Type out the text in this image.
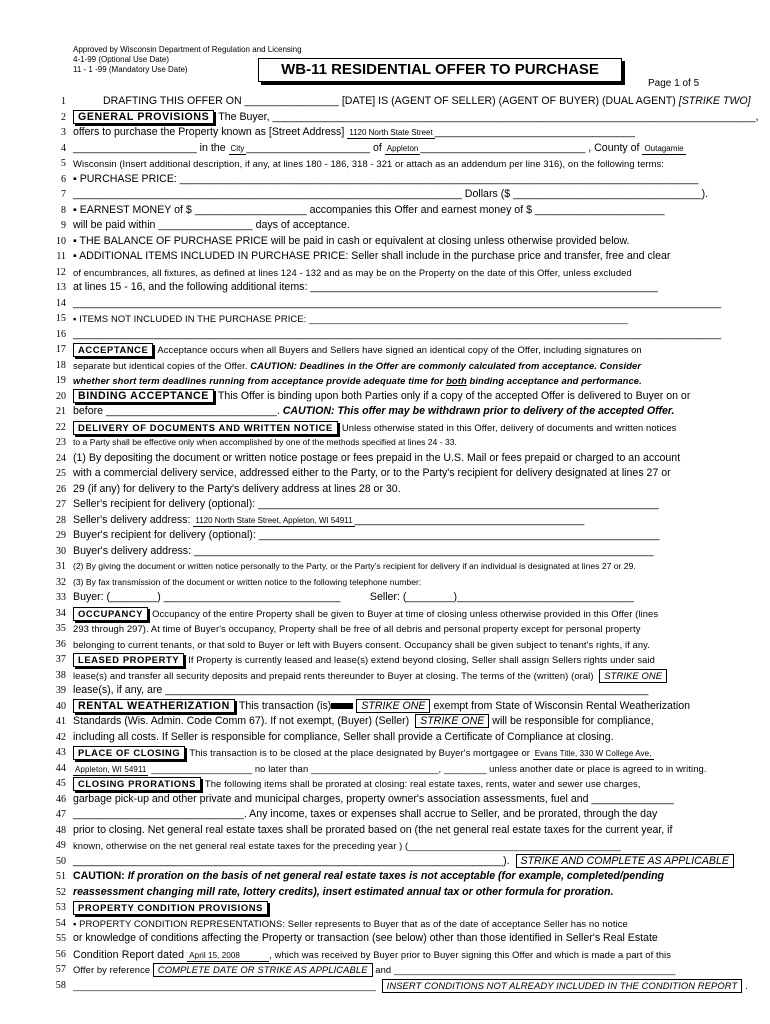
Approved by Wisconsin Department of Regulation and Licensing
4-1-99 (Optional Use Date)
11 - 1 -99 (Mandatory Use Date)	WB-11 RESIDENTIAL OFFER TO PURCHASE
Page 1 of 5
1	DRAFTING THIS OFFER ON ________________ [DATE] IS (AGENT OF SELLER) (AGENT OF BUYER) (DUAL AGENT) [STRIKE TWO]
2	GENERAL PROVISIONS The Buyer, __________________________________________________________________________________,
3 offers to purchase the Property known as [Street Address] 1120 North State Street __________________________________
4 _____________________ in the City _____________________ of Appleton ____________________________ , County of Outagamie
5 Wisconsin (Insert additional description, if any, at lines 180 - 186, 318 - 321 or attach as an addendum per line 316), on the following terms:
6 ▪ PURCHASE PRICE: ________________________________________________________________________________________
7 __________________________________________________________________ Dollars ($ ________________________________).
8 ▪ EARNEST MONEY of $ ___________________ accompanies this Offer and earnest money of $ ______________________
9 will be paid within ________________ days of acceptance.
10 ▪ THE BALANCE OF PURCHASE PRICE will be paid in cash or equivalent at closing unless otherwise provided below.
11 ▪ ADDITIONAL ITEMS INCLUDED IN PURCHASE PRICE: Seller shall include in the purchase price and transfer, free and clear
12 of encumbrances, all fixtures, as defined at lines 124 - 132 and as may be on the Property on the date of this Offer, unless excluded
13 at lines 15 - 16, and the following additional items: ___________________________________________________________
14 ______________________________________________________________________________________________________________
15 ▪ ITEMS NOT INCLUDED IN THE PURCHASE PRICE: ____________________________________________________________
16 ______________________________________________________________________________________________________________
17	ACCEPTANCE Acceptance occurs when all Buyers and Sellers have signed an identical copy of the Offer, including signatures on
18 separate but identical copies of the Offer. CAUTION: Deadlines in the Offer are commonly calculated from acceptance. Consider
19 whether short term deadlines running from acceptance provide adequate time for both binding acceptance and performance.
20	BINDING ACCEPTANCE This Offer is binding upon both Parties only if a copy of the accepted Offer is delivered to Buyer on or
21 before _____________________________. CAUTION: This offer may be withdrawn prior to delivery of the accepted Offer.
22	DELIVERY OF DOCUMENTS AND WRITTEN NOTICE Unless otherwise stated in this Offer, delivery of documents and written notices
23 to a Party shall be effective only when accomplished by one of the methods specified at lines 24 - 33.
24 (1) By depositing the document or written notice postage or fees prepaid in the U.S. Mail or fees prepaid or charged to an account
25 with a commercial delivery service, addressed either to the Party, or to the Party's recipient for delivery designated at lines 27 or
26 29 (if any) for delivery to the Party's delivery address at lines 28 or 30.
27 Seller's recipient for delivery (optional): ____________________________________________________________________
28 Seller's delivery address: 1120 North State Street, Appleton, WI 54911 _______________________________________
29 Buyer's recipient for delivery (optional): ____________________________________________________________________
30 Buyer's delivery address: ______________________________________________________________________________
31 (2) By giving the document or written notice personally to the Party, or the Party's recipient for delivery if an individual is designated at lines 27 or 29.
32 (3) By fax transmission of the document or written notice to the following telephone number:
33 Buyer: (________) ______________________________          Seller: (________)______________________________
34	OCCUPANCY Occupancy of the entire Property shall be given to Buyer at time of closing unless otherwise provided in this Offer (lines
35 293 through 297). At time of Buyer's occupancy, Property shall be free of all debris and personal property except for personal property
36 belonging to current tenants, or that sold to Buyer or left with Buyers consent. Occupancy shall be given subject to tenant's rights, if any.
37	LEASED PROPERTY If Property is currently leased and lease(s) extend beyond closing, Seller shall assign Sellers rights under said
38 lease(s) and transfer all security deposits and prepaid rents thereunder to Buyer at closing. The terms of the (written) (oral) STRIKE ONE
39 lease(s), if any, are __________________________________________________________________________________
40	RENTAL WEATHERIZATION This transaction (is)	STRIKE ONE exempt from State of Wisconsin Rental Weatherization
41 Standards (Wis. Admin. Code Comm 67). If not exempt, (Buyer) (Seller) STRIKE ONE will be responsible for compliance,
42 including all costs. If Seller is responsible for compliance, Seller shall provide a Certificate of Compliance at closing.
43	PLACE OF CLOSING This transaction is to be closed at the place designated by Buyer's mortgagee or Evans Title, 330 W College Ave,
44 Appleton, WI 54911 ___________________ no later than ________________________, ________ unless another date or place is agreed to in writing.
45	CLOSING PRORATIONS The following items shall be prorated at closing: real estate taxes, rents, water and sewer use charges,
46 garbage pick-up and other private and municipal charges, property owner's association assessments, fuel and ______________
47 _____________________________. Any income, taxes or expenses shall accrue to Seller, and be prorated, through the day
48 prior to closing. Net general real estate taxes shall be prorated based on (the net general real estate taxes for the current year, if
49 known, otherwise on the net general real estate taxes for the preceding year ) (________________________________________
50 _________________________________________________________________________). STRIKE AND COMPLETE AS APPLICABLE
51 CAUTION: If proration on the basis of net general real estate taxes is not acceptable (for example, completed/pending
52 reassessment changing mill rate, lottery credits), insert estimated annual tax or other formula for proration.
53	PROPERTY CONDITION PROVISIONS
54 ▪ PROPERTY CONDITION REPRESENTATIONS: Seller represents to Buyer that as of the date of acceptance Seller has no notice
55 or knowledge of conditions affecting the Property or transaction (see below) other than those identified in Seller's Real Estate
56 Condition Report dated April 15, 2008	, which was received by Buyer prior to Buyer signing this Offer and which is made a part of this
57 Offer by reference COMPLETE DATE OR STRIKE AS APPLICABLE and _____________________________________________________
58 _________________________________________________________ INSERT CONDITIONS NOT ALREADY INCLUDED IN THE CONDITION REPORT .
